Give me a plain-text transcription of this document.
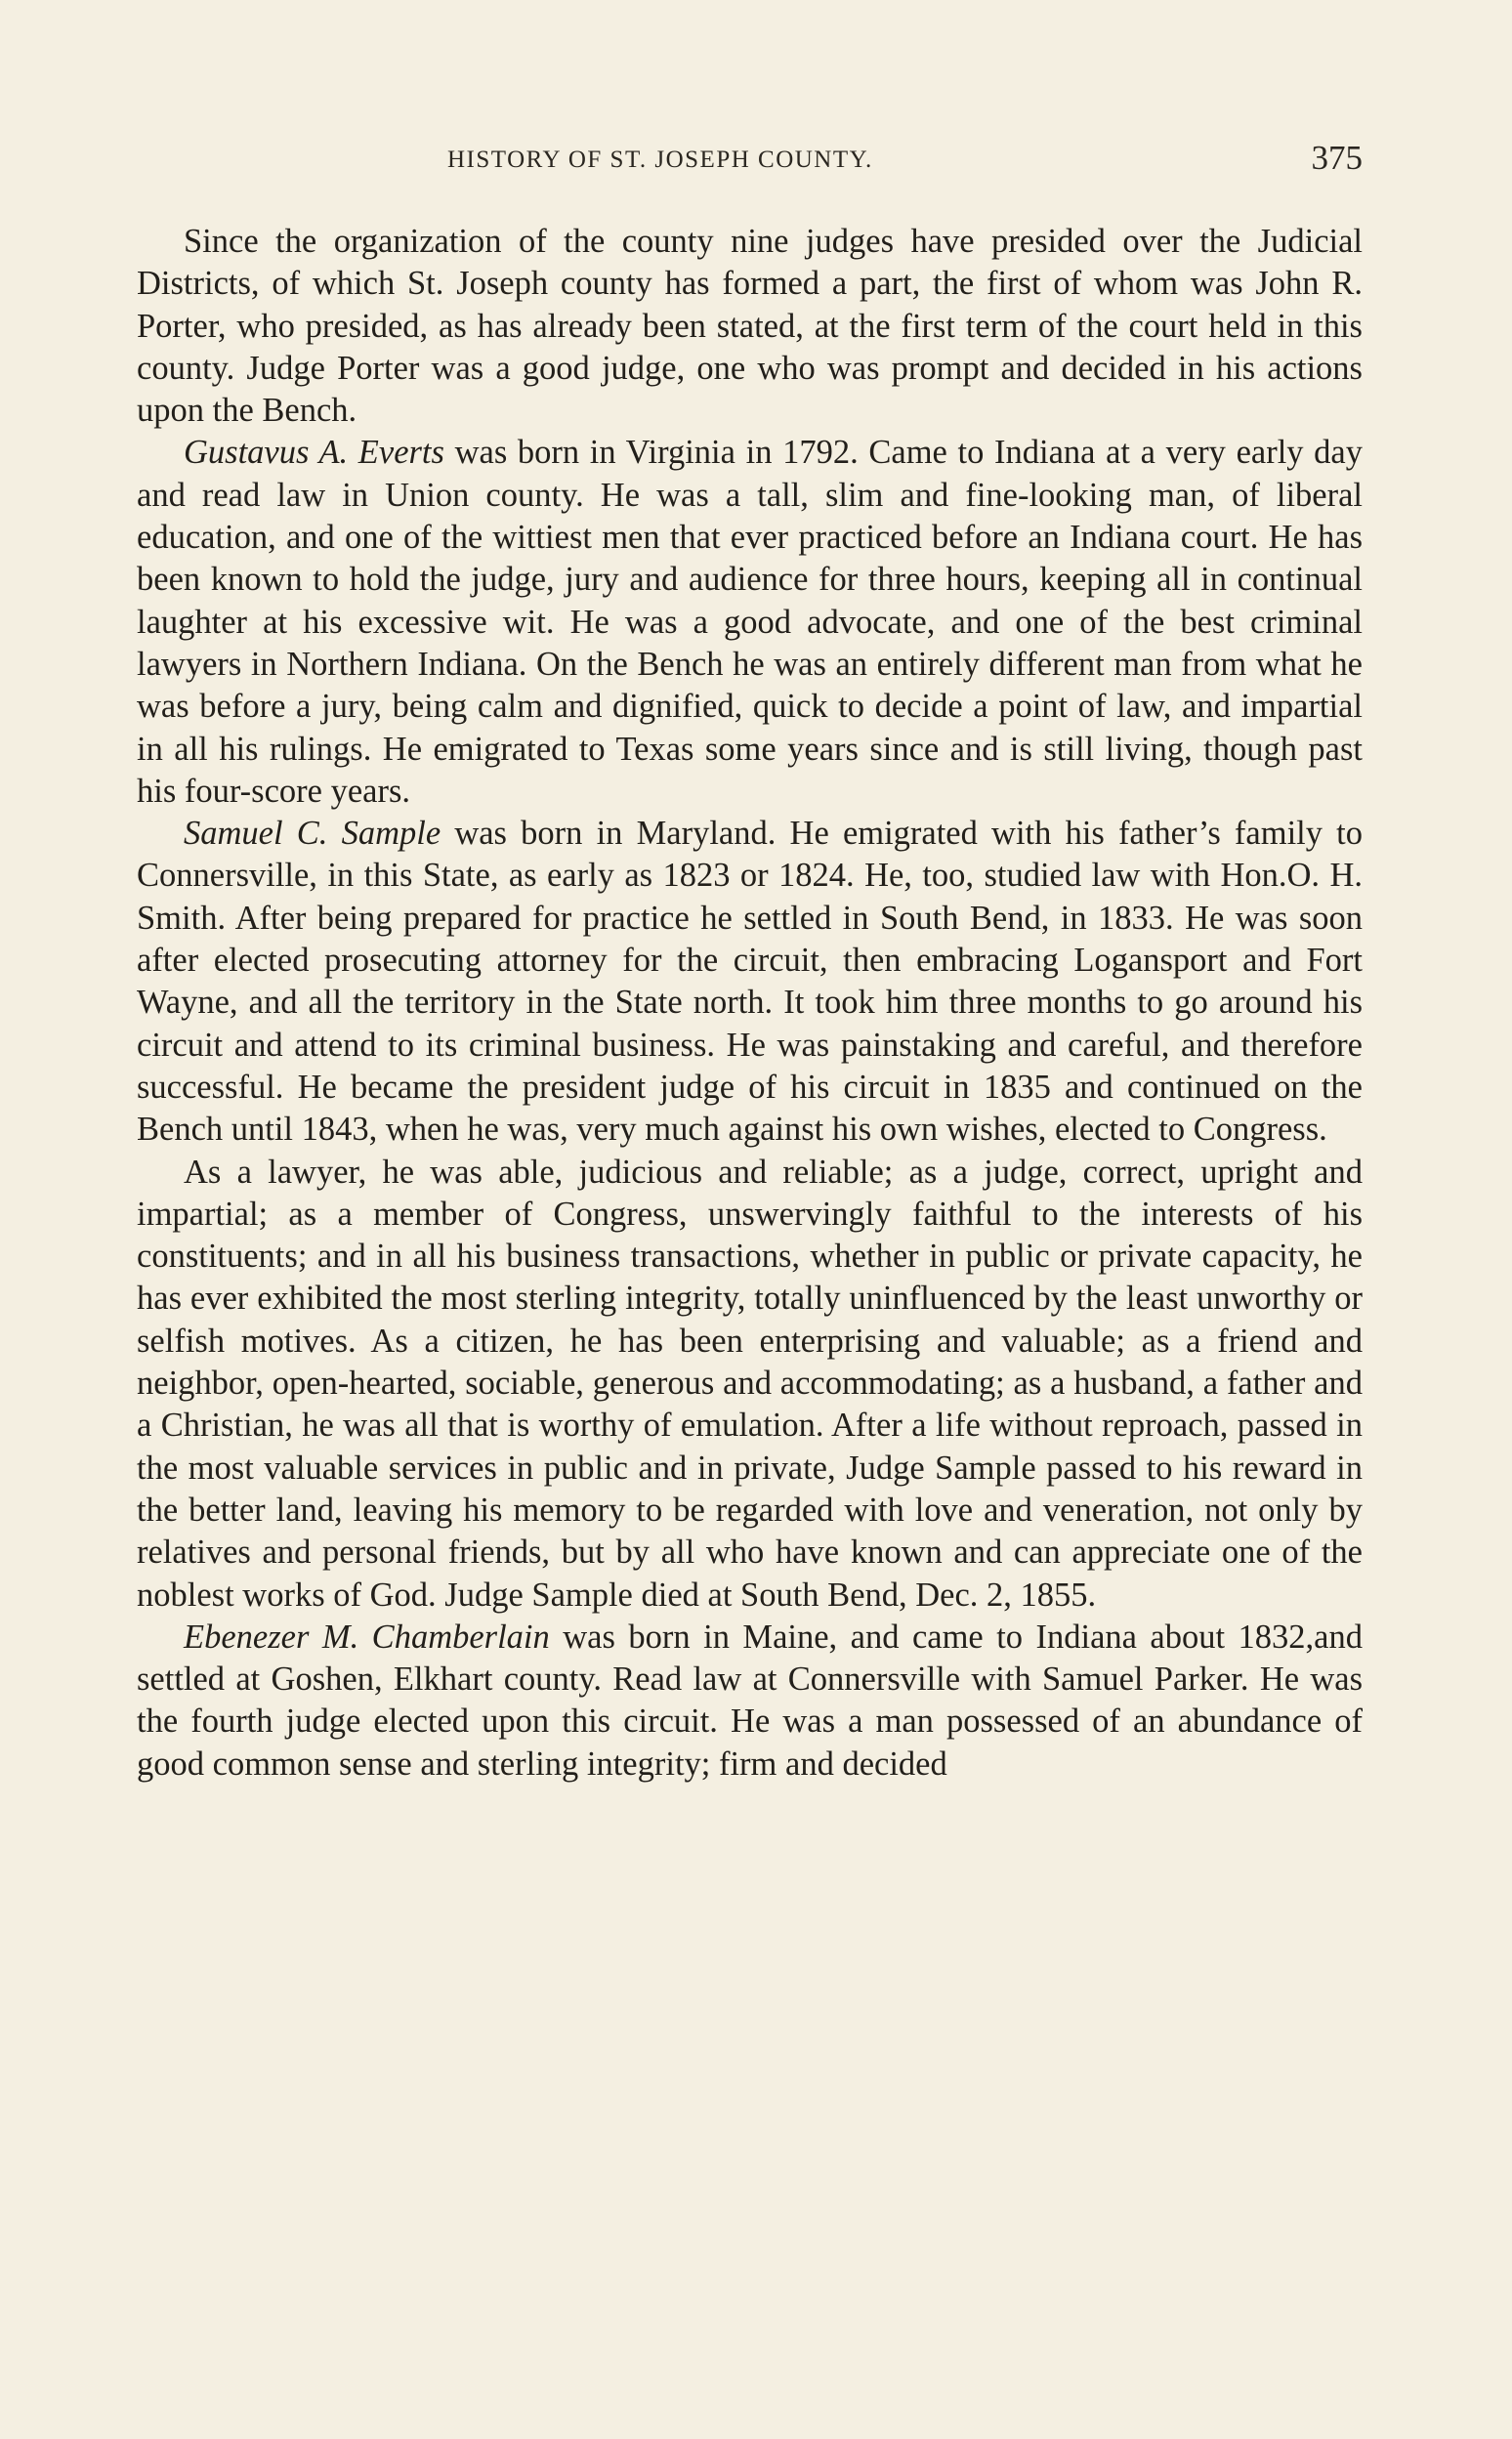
HISTORY OF ST. JOSEPH COUNTY.	375

Since the organization of the county nine judges have presided over the Judicial Districts, of which St. Joseph county has formed a part, the first of whom was John R. Porter, who presided, as has already been stated, at the first term of the court held in this county. Judge Porter was a good judge, one who was prompt and decided in his actions upon the Bench.

Gustavus A. Everts was born in Virginia in 1792. Came to Indiana at a very early day and read law in Union county. He was a tall, slim and fine-looking man, of liberal education, and one of the wittiest men that ever practiced before an Indiana court. He has been known to hold the judge, jury and audience for three hours, keeping all in continual laughter at his excessive wit. He was a good advocate, and one of the best criminal lawyers in Northern Indiana. On the Bench he was an entirely different man from what he was before a jury, being calm and dignified, quick to decide a point of law, and impartial in all his rulings. He emigrated to Texas some years since and is still living, though past his four-score years.

Samuel C. Sample was born in Maryland. He emigrated with his father’s family to Connersville, in this State, as early as 1823 or 1824. He, too, studied law with Hon.O. H. Smith. After being prepared for practice he settled in South Bend, in 1833. He was soon after elected prosecuting attorney for the circuit, then embracing Logansport and Fort Wayne, and all the territory in the State north. It took him three months to go around his circuit and attend to its criminal business. He was painstaking and careful, and therefore successful. He became the president judge of his circuit in 1835 and continued on the Bench until 1843, when he was, very much against his own wishes, elected to Congress.

As a lawyer, he was able, judicious and reliable; as a judge, correct, upright and impartial; as a member of Congress, unswervingly faithful to the interests of his constituents; and in all his business transactions, whether in public or private capacity, he has ever exhibited the most sterling integrity, totally uninfluenced by the least unworthy or selfish motives. As a citizen, he has been enterprising and valuable; as a friend and neighbor, open-hearted, sociable, generous and accommodating; as a husband, a father and a Christian, he was all that is worthy of emulation. After a life without reproach, passed in the most valuable services in public and in private, Judge Sample passed to his reward in the better land, leaving his memory to be regarded with love and veneration, not only by relatives and personal friends, but by all who have known and can appreciate one of the noblest works of God. Judge Sample died at South Bend, Dec. 2, 1855.

Ebenezer M. Chamberlain was born in Maine, and came to Indiana about 1832,and settled at Goshen, Elkhart county. Read law at Connersville with Samuel Parker. He was the fourth judge elected upon this circuit. He was a man possessed of an abundance of good common sense and sterling integrity; firm and decided
